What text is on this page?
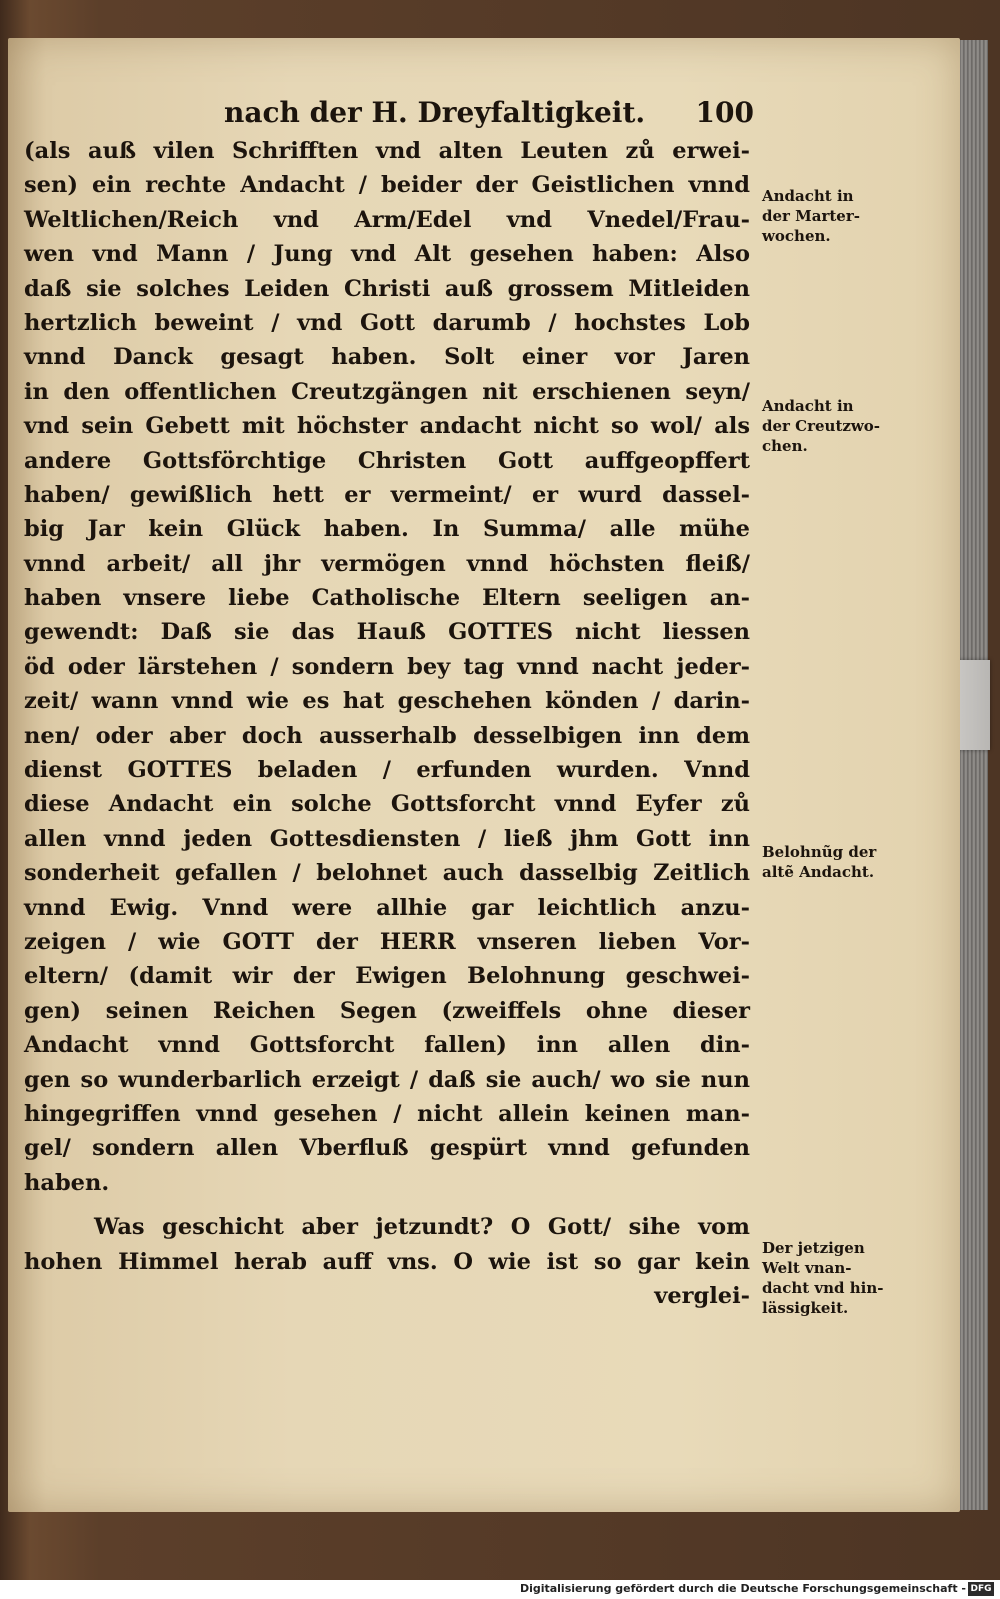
nach der H. Dreyfaltigkeit. 100
(als auß vilen Schrifften vnd alten Leuten zů erwei-
sen) ein rechte Andacht / beider der Geistlichen vnnd
Weltlichen/Reich vnd Arm/Edel vnd Vnedel/Frau-
wen vnd Mann / Jung vnd Alt gesehen haben: Also
daß sie solches Leiden Christi auß grossem Mitleiden
hertzlich beweint / vnd Gott darumb / hochstes Lob
vnnd Danck gesagt haben. Solt einer vor Jaren
in den offentlichen Creutzgängen nit erschienen seyn/
vnd sein Gebett mit höchster andacht nicht so wol/ als
andere Gottsförchtige Christen Gott auffgeopffert
haben/ gewißlich hett er vermeint/ er wurd dassel-
big Jar kein Glück haben. In Summa/ alle mühe
vnnd arbeit/ all jhr vermögen vnnd höchsten fleiß/
haben vnsere liebe Catholische Eltern seeligen an-
gewendt: Daß sie das Hauß GOTTES nicht liessen
öd oder lärstehen / sondern bey tag vnnd nacht jeder-
zeit/ wann vnnd wie es hat geschehen könden / darin-
nen/ oder aber doch ausserhalb desselbigen inn dem
dienst GOTTES beladen / erfunden wurden. Vnnd
diese Andacht ein solche Gottsforcht vnnd Eyfer zů
allen vnnd jeden Gottesdiensten / ließ jhm Gott inn
sonderheit gefallen / belohnet auch dasselbig Zeitlich
vnnd Ewig. Vnnd were allhie gar leichtlich anzu-
zeigen / wie GOTT der HERR vnseren lieben Vor-
eltern/ (damit wir der Ewigen Belohnung geschwei-
gen) seinen Reichen Segen (zweiffels ohne dieser
Andacht vnnd Gottsforcht fallen) inn allen din-
gen so wunderbarlich erzeigt / daß sie auch/ wo sie nun
hingegriffen vnnd gesehen / nicht allein keinen man-
gel/ sondern allen Vberfluß gespürt vnnd gefunden
haben.
Was geschicht aber jetzundt? O Gott/ sihe vom
hohen Himmel herab auff vns. O wie ist so gar kein
verglei-
Andacht in
der Marter-
wochen.
Andacht in
der Creutzwo-
chen.
Belohnũg der
altẽ Andacht.
Der jetzigen
Welt vnan-
dacht vnd hin-
lässigkeit.
Digitalisierung gefördert durch die Deutsche Forschungsgemeinschaft - DFG
